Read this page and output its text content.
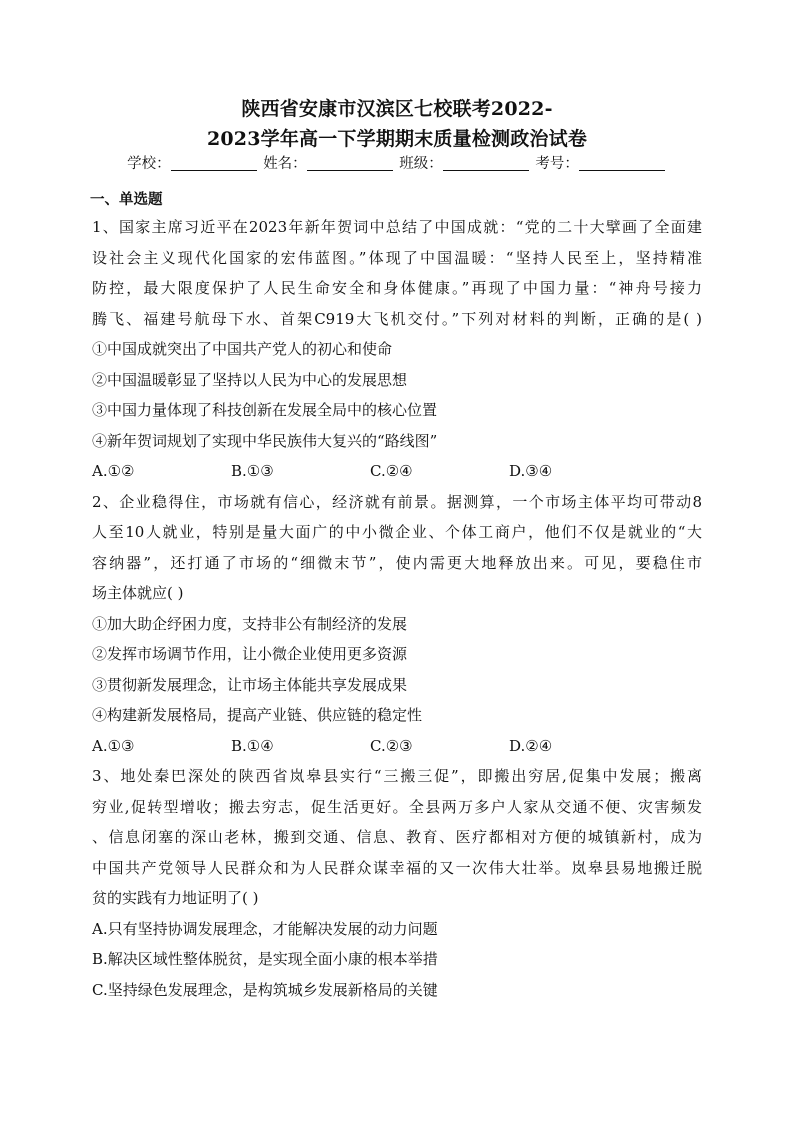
陕西省安康市汉滨区七校联考2022-
2023学年高一下学期期末质量检测政治试卷
学校：	姓名：	班级：	考号：
一、单选题
1、国家主席习近平在2023年新年贺词中总结了中国成就：“党的二十大擘画了全面建
设社会主义现代化国家的宏伟蓝图。”体现了中国温暖：“坚持人民至上，坚持精准
防控，最大限度保护了人民生命安全和身体健康。”再现了中国力量：“神舟号接力
腾飞、福建号航母下水、首架C919大飞机交付。”下列对材料的判断，正确的是( )
①中国成就突出了中国共产党人的初心和使命
②中国温暖彰显了坚持以人民为中心的发展思想
③中国力量体现了科技创新在发展全局中的核心位置
④新年贺词规划了实现中华民族伟大复兴的“路线图”
A.①②	B.①③	C.②④	D.③④
2、企业稳得住，市场就有信心，经济就有前景。据测算，一个市场主体平均可带动8
人至10人就业，特别是量大面广的中小微企业、个体工商户，他们不仅是就业的“大
容纳器”，还打通了市场的“细微末节”，使内需更大地释放出来。可见，要稳住市
场主体就应( )
①加大助企纾困力度，支持非公有制经济的发展
②发挥市场调节作用，让小微企业使用更多资源
③贯彻新发展理念，让市场主体能共享发展成果
④构建新发展格局，提高产业链、供应链的稳定性
A.①③	B.①④	C.②③	D.②④
3、地处秦巴深处的陕西省岚皋县实行“三搬三促”，即搬出穷居,促集中发展；搬离
穷业,促转型增收；搬去穷志，促生活更好。全县两万多户人家从交通不便、灾害频发
、信息闭塞的深山老林，搬到交通、信息、教育、医疗都相对方便的城镇新村，成为
中国共产党领导人民群众和为人民群众谋幸福的又一次伟大壮举。岚皋县易地搬迁脱
贫的实践有力地证明了( )
A.只有坚持协调发展理念，才能解决发展的动力问题
B.解决区域性整体脱贫，是实现全面小康的根本举措
C.坚持绿色发展理念，是构筑城乡发展新格局的关键
